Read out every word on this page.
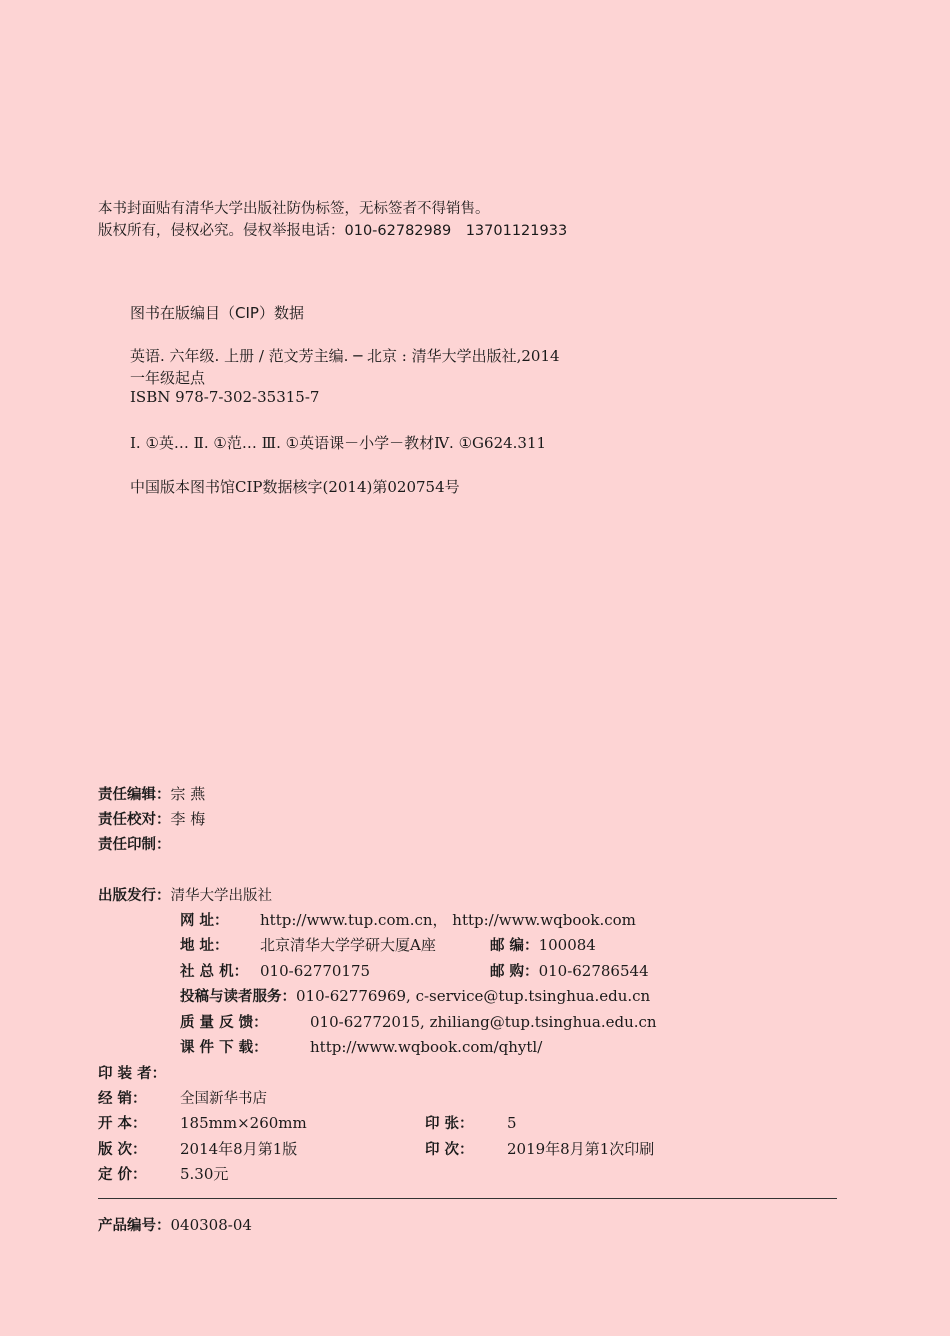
本书封面贴有清华大学出版社防伪标签，无标签者不得销售。
版权所有，侵权必究。侵权举报电话：010-62782989　13701121933
图书在版编目（CIP）数据
英语. 六年级. 上册 / 范文芳主编. ─ 北京 : 清华大学出版社,2014
一年级起点
ISBN 978-7-302-35315-7
Ⅰ. ①英… Ⅱ. ①范… Ⅲ. ①英语课－小学－教材Ⅳ. ①G624.311
中国版本图书馆CIP数据核字(2014)第020754号
责任编辑：宗 燕
责任校对：李 梅
责任印制：
出版发行：清华大学出版社
网 址： http://www.tup.com.cn， http://www.wqbook.com
地 址： 北京清华大学学研大厦A座	邮 编：100084
社 总 机： 010-62770175	邮 购：010-62786544
投稿与读者服务：010-62776969, c-service@tup.tsinghua.edu.cn
质 量 反 馈：	010-62772015, zhiliang@tup.tsinghua.edu.cn
课 件 下 载：	http://www.wqbook.com/qhytl/
印 装 者：
经 销： 全国新华书店
开 本： 185mm×260mm	印 张： 5
版 次： 2014年8月第1版	印 次： 2019年8月第1次印刷
定 价： 5.30元
产品编号：040308-04
